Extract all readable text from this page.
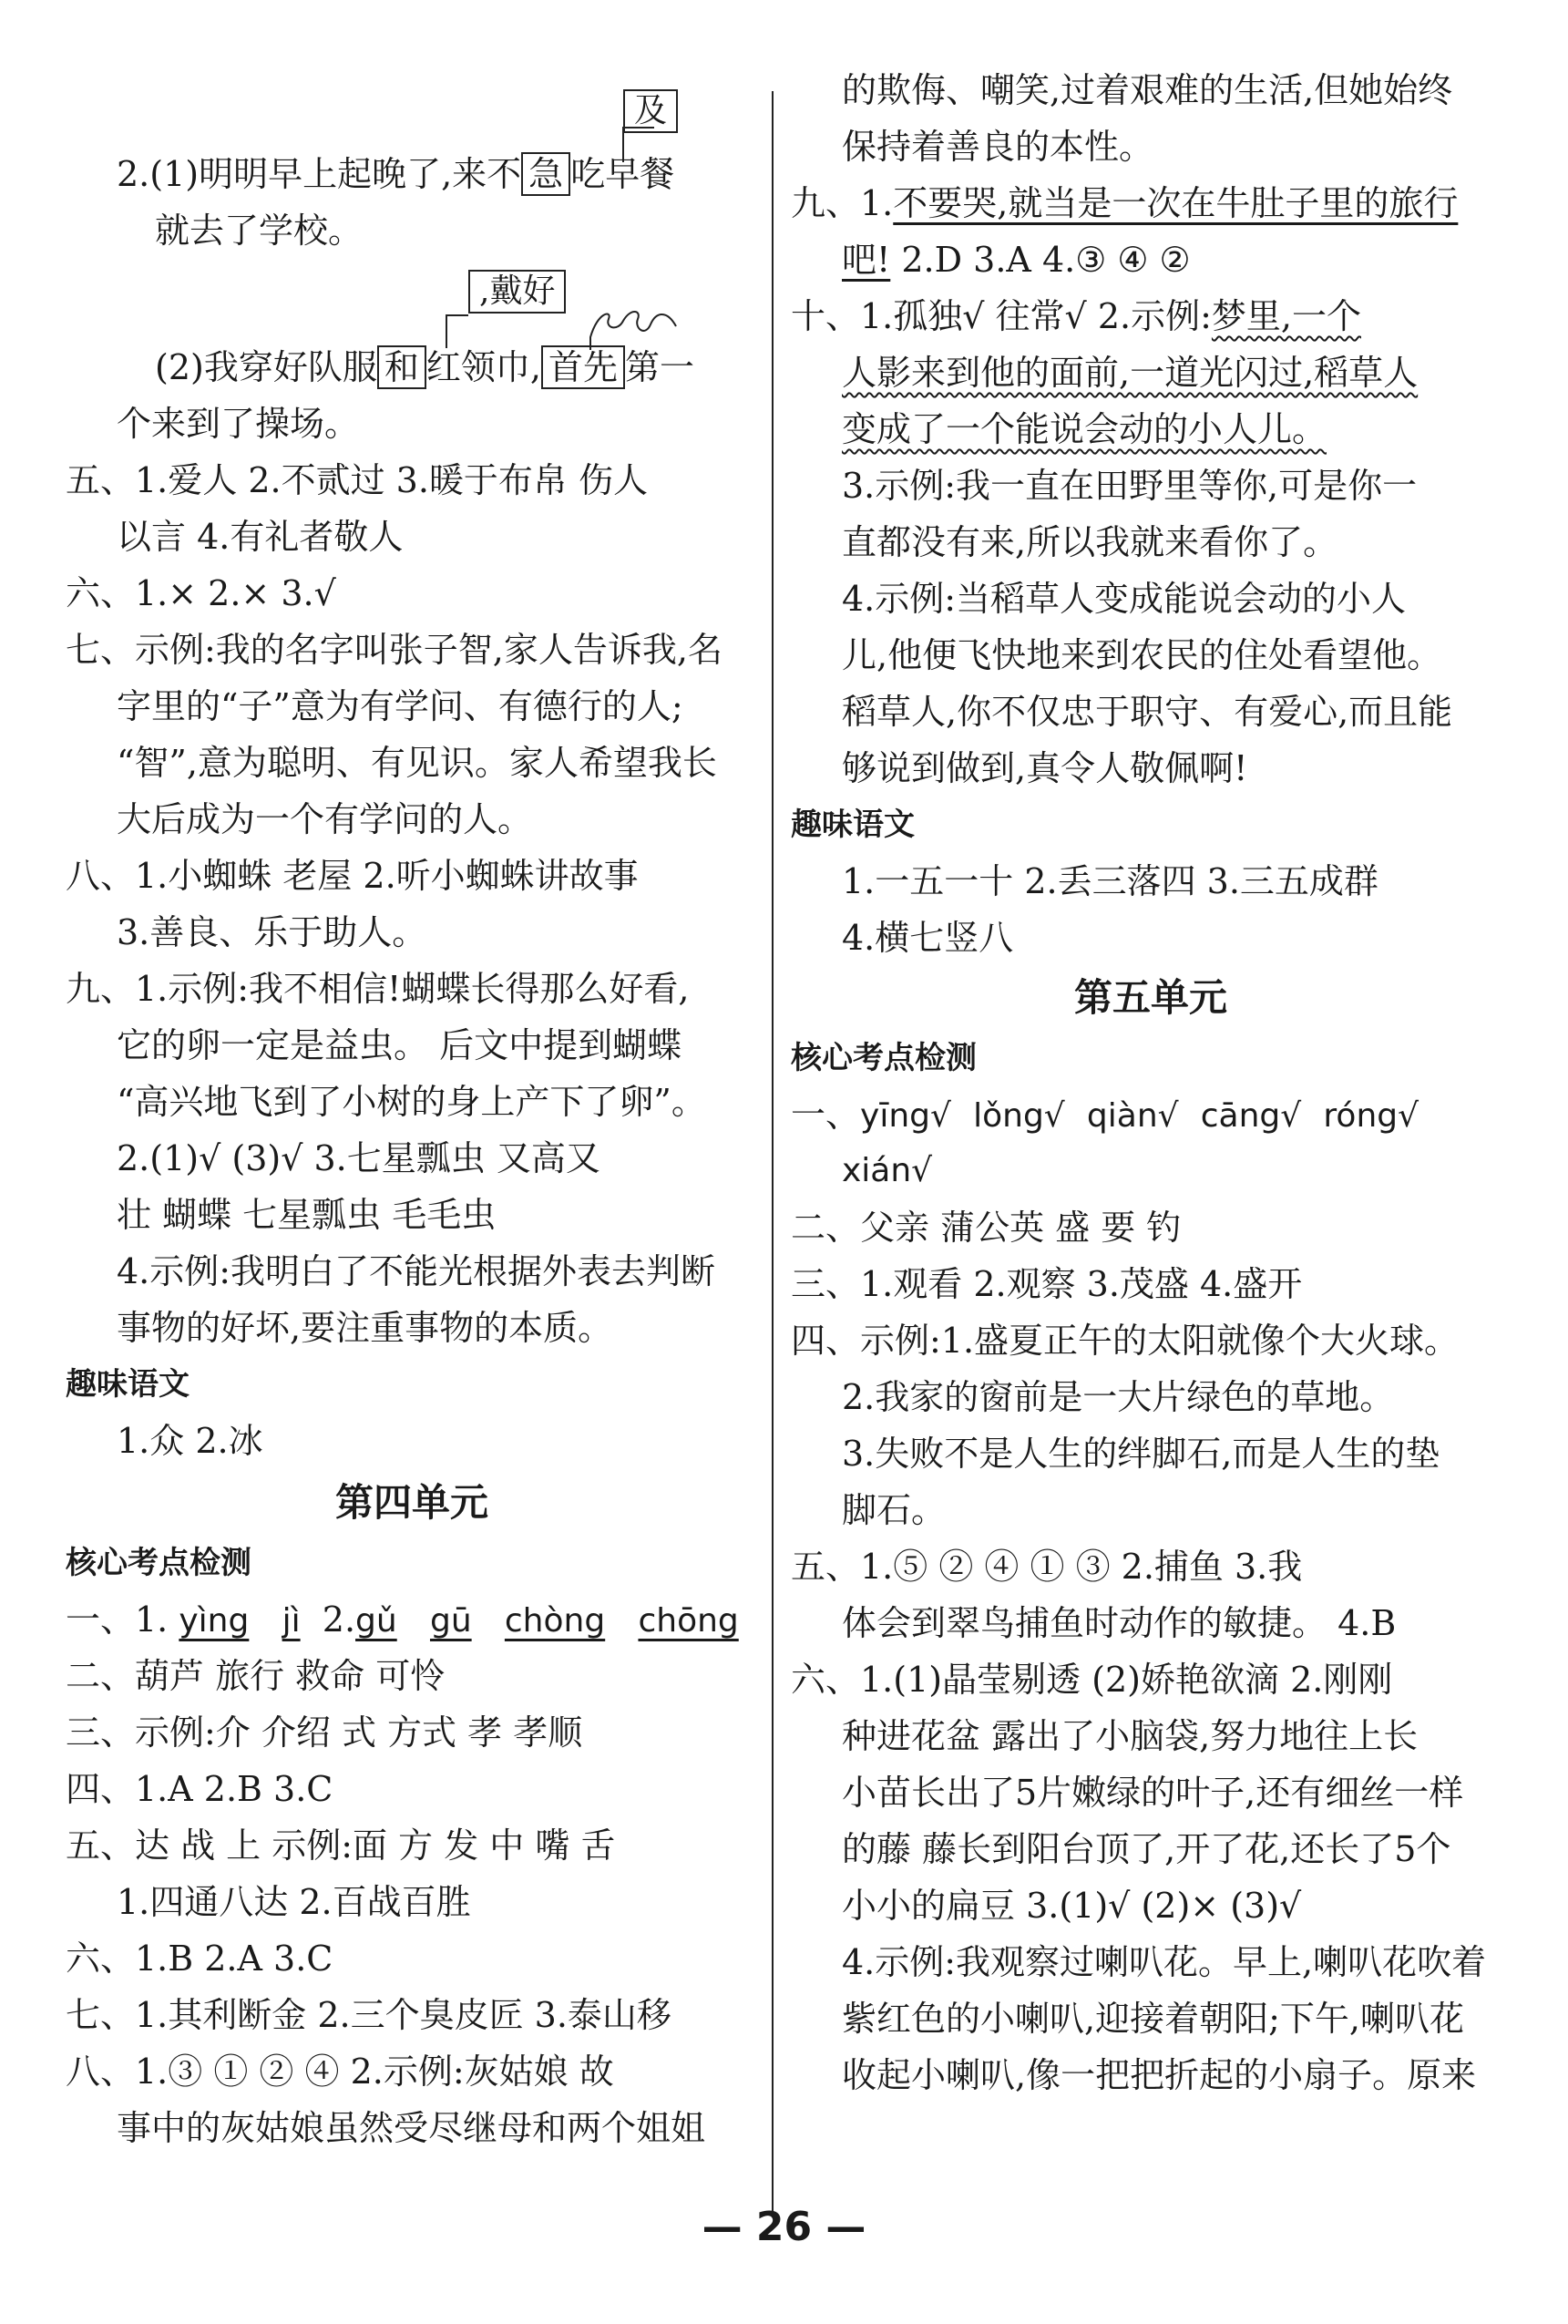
及
2.(1)明明早上起晚了,来不 急 吃早餐
就去了学校。
,戴好
(2)我穿好队服 和 红领巾, 首先 第一
个来到了操场。
五、1.爱人 2.不贰过 3.暖于布帛 伤人
以言 4.有礼者敬人
六、1.× 2.× 3.√
七、示例:我的名字叫张子智,家人告诉我,名
字里的“子”意为有学问、有德行的人;
“智”,意为聪明、有见识。家人希望我长
大后成为一个有学问的人。
八、1.小蜘蛛 老屋 2.听小蜘蛛讲故事
3.善良、乐于助人。
九、1.示例:我不相信!蝴蝶长得那么好看,
它的卵一定是益虫。 后文中提到蝴蝶
“高兴地飞到了小树的身上产下了卵”。
2.(1)√ (3)√ 3.七星瓢虫 又高又
壮 蝴蝶 七星瓢虫 毛毛虫
4.示例:我明白了不能光根据外表去判断
事物的好坏,要注重事物的本质。
趣味语文
1.众 2.冰
第四单元
核心考点检测
一、1. yìng jì 2.gǔ gū chòng chōng
二、葫芦 旅行 救命 可怜
三、示例:介 介绍 式 方式 孝 孝顺
四、1.A 2.B 3.C
五、达 战 上 示例:面 方 发 中 嘴 舌
1.四通八达 2.百战百胜
六、1.B 2.A 3.C
七、1.其利断金 2.三个臭皮匠 3.泰山移
八、1.③ ① ② ④ 2.示例:灰姑娘 故
事中的灰姑娘虽然受尽继母和两个姐姐
的欺侮、嘲笑,过着艰难的生活,但她始终
保持着善良的本性。
九、1.不要哭,就当是一次在牛肚子里的旅行
吧! 2.D 3.A 4.③ ④ ②
十、1.孤独√ 往常√ 2.示例:梦里,一个
人影来到他的面前,一道光闪过,稻草人
变成了一个能说会动的小人儿。
3.示例:我一直在田野里等你,可是你一
直都没有来,所以我就来看你了。
4.示例:当稻草人变成能说会动的小人
儿,他便飞快地来到农民的住处看望他。
稻草人,你不仅忠于职守、有爱心,而且能
够说到做到,真令人敬佩啊!
趣味语文
1.一五一十 2.丢三落四 3.三五成群
4.横七竖八
第五单元
核心考点检测
一、yīng√ lǒng√ qiàn√ cāng√ róng√
xián√
二、父亲 蒲公英 盛 要 钓
三、1.观看 2.观察 3.茂盛 4.盛开
四、示例:1.盛夏正午的太阳就像个大火球。
2.我家的窗前是一大片绿色的草地。
3.失败不是人生的绊脚石,而是人生的垫
脚石。
五、1.⑤ ② ④ ① ③ 2.捕鱼 3.我
体会到翠鸟捕鱼时动作的敏捷。 4.B
六、1.(1)晶莹剔透 (2)娇艳欲滴 2.刚刚
种进花盆 露出了小脑袋,努力地往上长
小苗长出了5片嫩绿的叶子,还有细丝一样
的藤 藤长到阳台顶了,开了花,还长了5个
小小的扁豆 3.(1)√ (2)× (3)√
4.示例:我观察过喇叭花。早上,喇叭花吹着
紫红色的小喇叭,迎接着朝阳;下午,喇叭花
收起小喇叭,像一把把折起的小扇子。原来
— 26 —
